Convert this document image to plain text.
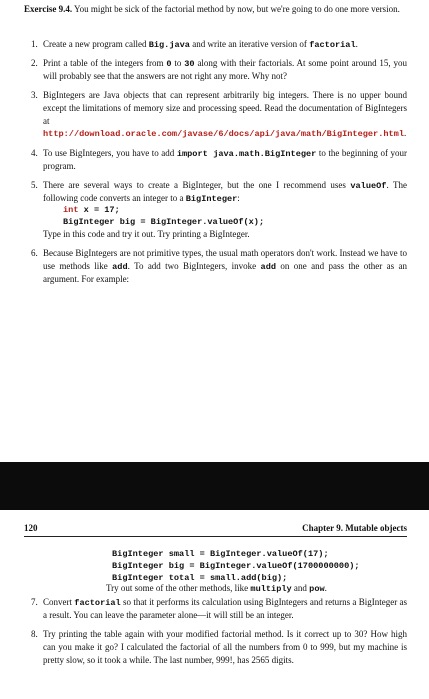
Exercise 9.4. You might be sick of the factorial method by now, but we're going to do one more version.
1. Create a new program called Big.java and write an iterative version of factorial.
2. Print a table of the integers from 0 to 30 along with their factorials. At some point around 15, you will probably see that the answers are not right any more. Why not?
3. BigIntegers are Java objects that can represent arbitrarily big integers. There is no upper bound except the limitations of memory size and processing speed. Read the documentation of BigIntegers at http://download.oracle.com/javase/6/docs/api/java/math/BigInteger.html.
4. To use BigIntegers, you have to add import java.math.BigInteger to the beginning of your program.
5. There are several ways to create a BigInteger, but the one I recommend uses valueOf. The following code converts an integer to a BigInteger:
int x = 17;
BigInteger big = BigInteger.valueOf(x);
Type in this code and try it out. Try printing a BigInteger.
6. Because BigIntegers are not primitive types, the usual math operators don't work. Instead we have to use methods like add. To add two BigIntegers, invoke add on one and pass the other as an argument. For example:
120	Chapter 9. Mutable objects
BigInteger small = BigInteger.valueOf(17);
BigInteger big = BigInteger.valueOf(1700000000);
BigInteger total = small.add(big);
Try out some of the other methods, like multiply and pow.
7. Convert factorial so that it performs its calculation using BigIntegers and returns a BigInteger as a result. You can leave the parameter alone—it will still be an integer.
8. Try printing the table again with your modified factorial method. Is it correct up to 30? How high can you make it go? I calculated the factorial of all the numbers from 0 to 999, but my machine is pretty slow, so it took a while. The last number, 999!, has 2565 digits.
